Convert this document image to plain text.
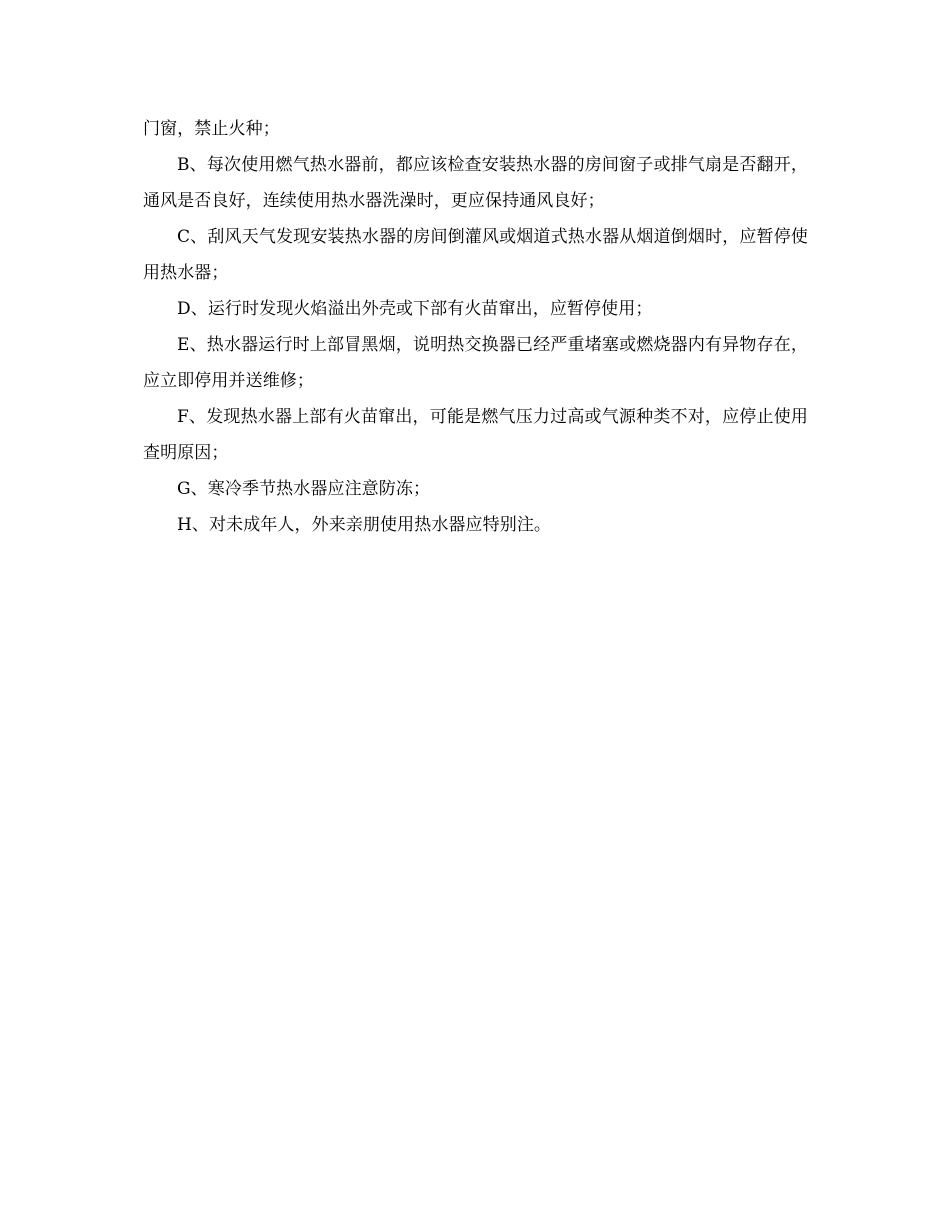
门窗，禁止火种；

B、每次使用燃气热水器前，都应该检查安装热水器的房间窗子或排气扇是否翻开，通风是否良好，连续使用热水器洗澡时，更应保持通风良好；

C、刮风天气发现安装热水器的房间倒灌风或烟道式热水器从烟道倒烟时，应暂停使用热水器；

D、运行时发现火焰溢出外壳或下部有火苗窜出，应暂停使用；

E、热水器运行时上部冒黑烟，说明热交换器已经严重堵塞或燃烧器内有异物存在，应立即停用并送维修；

F、发现热水器上部有火苗窜出，可能是燃气压力过高或气源种类不对，应停止使用查明原因；

G、寒冷季节热水器应注意防冻；

H、对未成年人，外来亲朋使用热水器应特别注。
